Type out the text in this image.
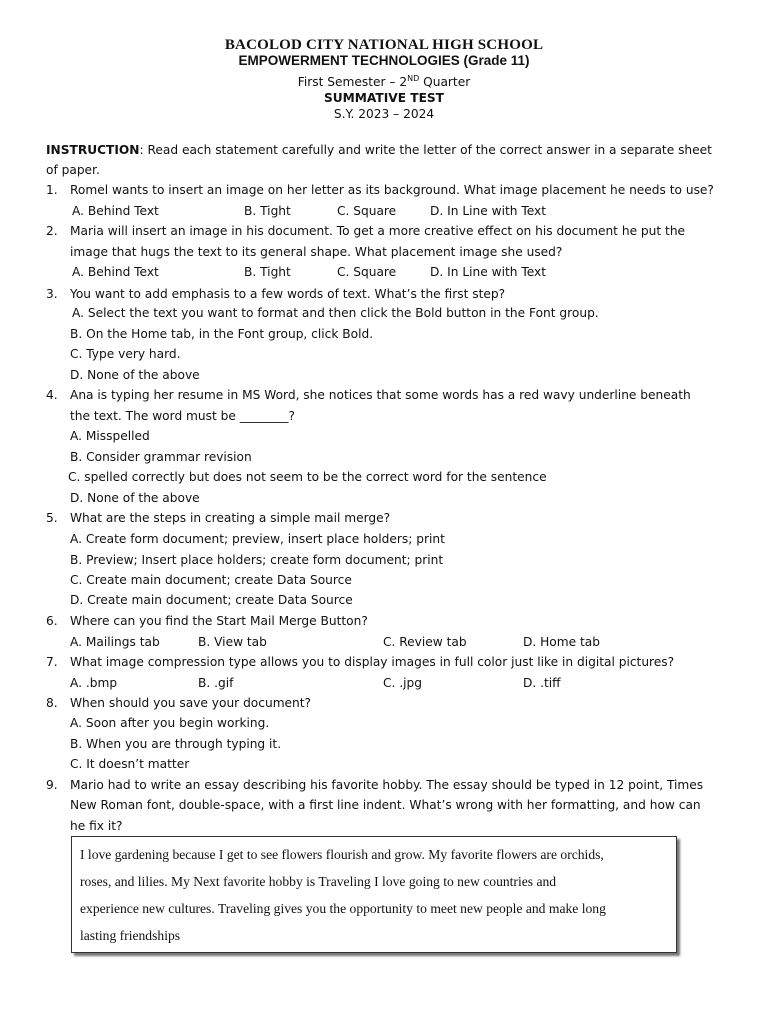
BACOLOD CITY NATIONAL HIGH SCHOOL
EMPOWERMENT TECHNOLOGIES (Grade 11)
First Semester – 2ND Quarter
SUMMATIVE TEST
S.Y. 2023 – 2024
INSTRUCTION: Read each statement carefully and write the letter of the correct answer in a separate sheet
of paper.
1. Romel wants to insert an image on her letter as its background. What image placement he needs to use?
A. Behind Text	B. Tight	C. Square	D. In Line with Text
2. Maria will insert an image in his document. To get a more creative effect on his document he put the
image that hugs the text to its general shape. What placement image she used?
A. Behind Text	B. Tight	C. Square	D. In Line with Text
3. You want to add emphasis to a few words of text. What’s the first step?
A. Select the text you want to format and then click the Bold button in the Font group.
B. On the Home tab, in the Font group, click Bold.
C. Type very hard.
D. None of the above
4. Ana is typing her resume in MS Word, she notices that some words has a red wavy underline beneath
the text. The word must be ________?
A. Misspelled
B. Consider grammar revision
C. spelled correctly but does not seem to be the correct word for the sentence
D. None of the above
5. What are the steps in creating a simple mail merge?
A. Create form document; preview, insert place holders; print
B. Preview; Insert place holders; create form document; print
C. Create main document; create Data Source
D. Create main document; create Data Source
6. Where can you find the Start Mail Merge Button?
A. Mailings tab	B. View tab	C. Review tab	D. Home tab
7. What image compression type allows you to display images in full color just like in digital pictures?
A. .bmp	B. .gif	C. .jpg	D. .tiff
8. When should you save your document?
A. Soon after you begin working.
B. When you are through typing it.
C. It doesn’t matter
9. Mario had to write an essay describing his favorite hobby. The essay should be typed in 12 point, Times
New Roman font, double-space, with a first line indent. What’s wrong with her formatting, and how can
he fix it?
I love gardening because I get to see flowers flourish and grow. My favorite flowers are orchids,
roses, and lilies. My Next favorite hobby is Traveling I love going to new countries and
experience new cultures. Traveling gives you the opportunity to meet new people and make long
lasting friendships
